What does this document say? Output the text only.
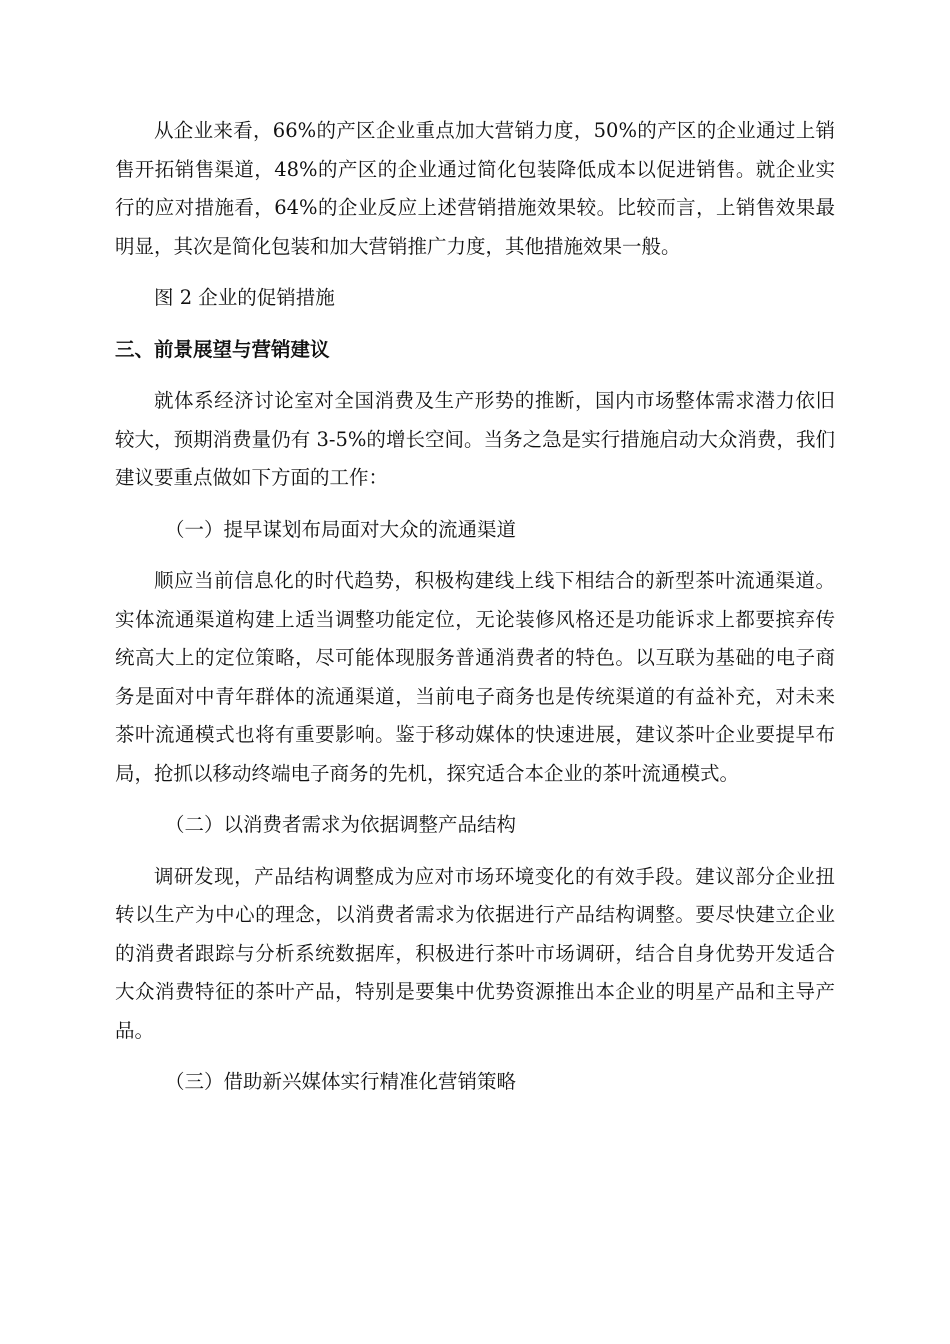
从企业来看，66%的产区企业重点加大营销力度，50%的产区的企业通过上销售开拓销售渠道，48%的产区的企业通过简化包装降低成本以促进销售。就企业实行的应对措施看，64%的企业反应上述营销措施效果较。比较而言，上销售效果最明显，其次是简化包装和加大营销推广力度，其他措施效果一般。

图 2 企业的促销措施

三、前景展望与营销建议

就体系经济讨论室对全国消费及生产形势的推断，国内市场整体需求潜力依旧较大，预期消费量仍有 3-5%的增长空间。当务之急是实行措施启动大众消费，我们建议要重点做如下方面的工作：

（一）提早谋划布局面对大众的流通渠道

顺应当前信息化的时代趋势，积极构建线上线下相结合的新型茶叶流通渠道。实体流通渠道构建上适当调整功能定位，无论装修风格还是功能诉求上都要摈弃传统高大上的定位策略，尽可能体现服务普通消费者的特色。以互联为基础的电子商务是面对中青年群体的流通渠道，当前电子商务也是传统渠道的有益补充，对未来茶叶流通模式也将有重要影响。鉴于移动媒体的快速进展，建议茶叶企业要提早布局，抢抓以移动终端电子商务的先机，探究适合本企业的茶叶流通模式。

（二）以消费者需求为依据调整产品结构

调研发现，产品结构调整成为应对市场环境变化的有效手段。建议部分企业扭转以生产为中心的理念，以消费者需求为依据进行产品结构调整。要尽快建立企业的消费者跟踪与分析系统数据库，积极进行茶叶市场调研，结合自身优势开发适合大众消费特征的茶叶产品，特别是要集中优势资源推出本企业的明星产品和主导产品。

（三）借助新兴媒体实行精准化营销策略
